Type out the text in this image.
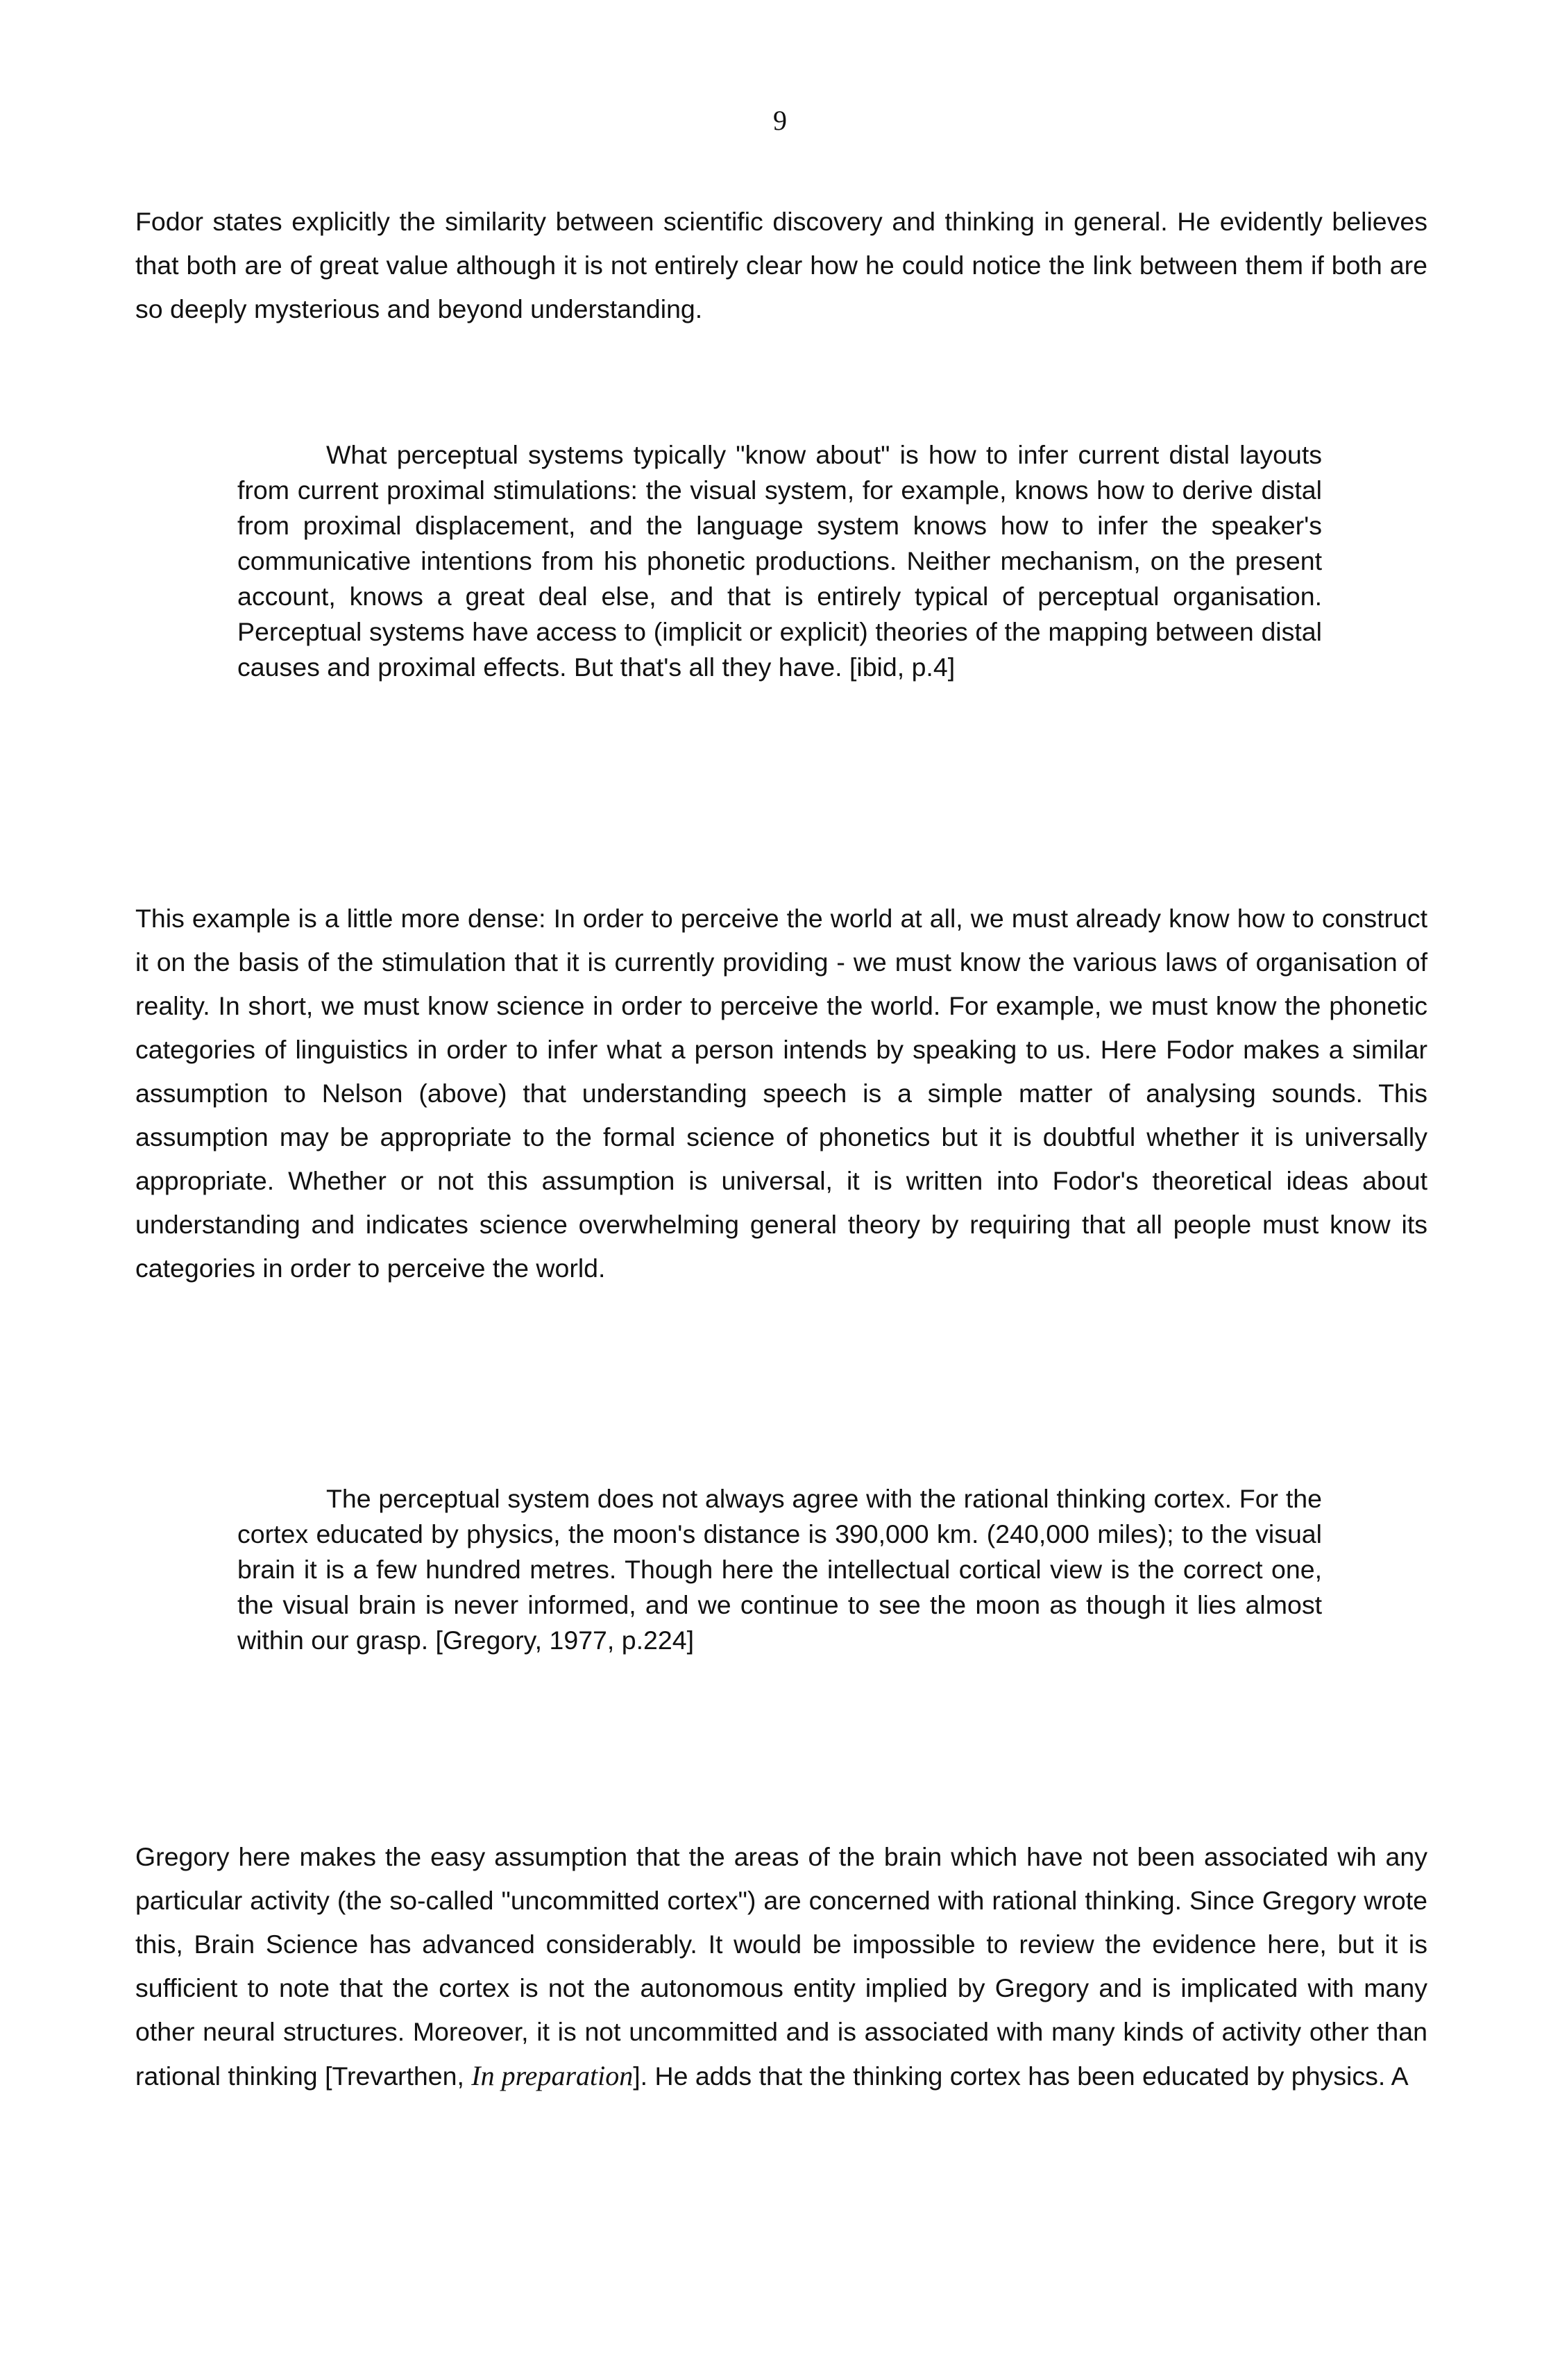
9

Fodor states explicitly the similarity between scientific discovery and thinking in general. He evidently believes that both are of great value although it is not entirely clear how he could notice the link between them if both are so deeply mysterious and beyond understanding.

What perceptual systems typically "know about" is how to infer current distal layouts from current proximal stimulations: the visual system, for example, knows how to derive distal from proximal displacement, and the language system knows how to infer the speaker's communicative intentions from his phonetic productions. Neither mechanism, on the present account, knows a great deal else, and that is entirely typical of perceptual organisation. Perceptual systems have access to (implicit or explicit) theories of the mapping between distal causes and proximal effects. But that's all they have. [ibid, p.4]

This example is a little more dense: In order to perceive the world at all, we must already know how to construct it on the basis of the stimulation that it is currently providing - we must know the various laws of organisation of reality. In short, we must know science in order to perceive the world. For example, we must know the phonetic categories of linguistics in order to infer what a person intends by speaking to us. Here Fodor makes a similar assumption to Nelson (above) that understanding speech is a simple matter of analysing sounds. This assumption may be appropriate to the formal science of phonetics but it is doubtful whether it is universally appropriate. Whether or not this assumption is universal, it is written into Fodor's theoretical ideas about understanding and indicates science overwhelming general theory by requiring that all people must know its categories in order to perceive the world.

The perceptual system does not always agree with the rational thinking cortex. For the cortex educated by physics, the moon's distance is 390,000 km. (240,000 miles); to the visual brain it is a few hundred metres. Though here the intellectual cortical view is the correct one, the visual brain is never informed, and we continue to see the moon as though it lies almost within our grasp. [Gregory, 1977, p.224]

Gregory here makes the easy assumption that the areas of the brain which have not been associated wih any particular activity (the so-called "uncommitted cortex") are concerned with rational thinking. Since Gregory wrote this, Brain Science has advanced considerably. It would be impossible to review the evidence here, but it is sufficient to note that the cortex is not the autonomous entity implied by Gregory and is implicated with many other neural structures. Moreover, it is not uncommitted and is associated with many kinds of activity other than rational thinking [Trevarthen, In preparation]. He adds that the thinking cortex has been educated by physics. A
